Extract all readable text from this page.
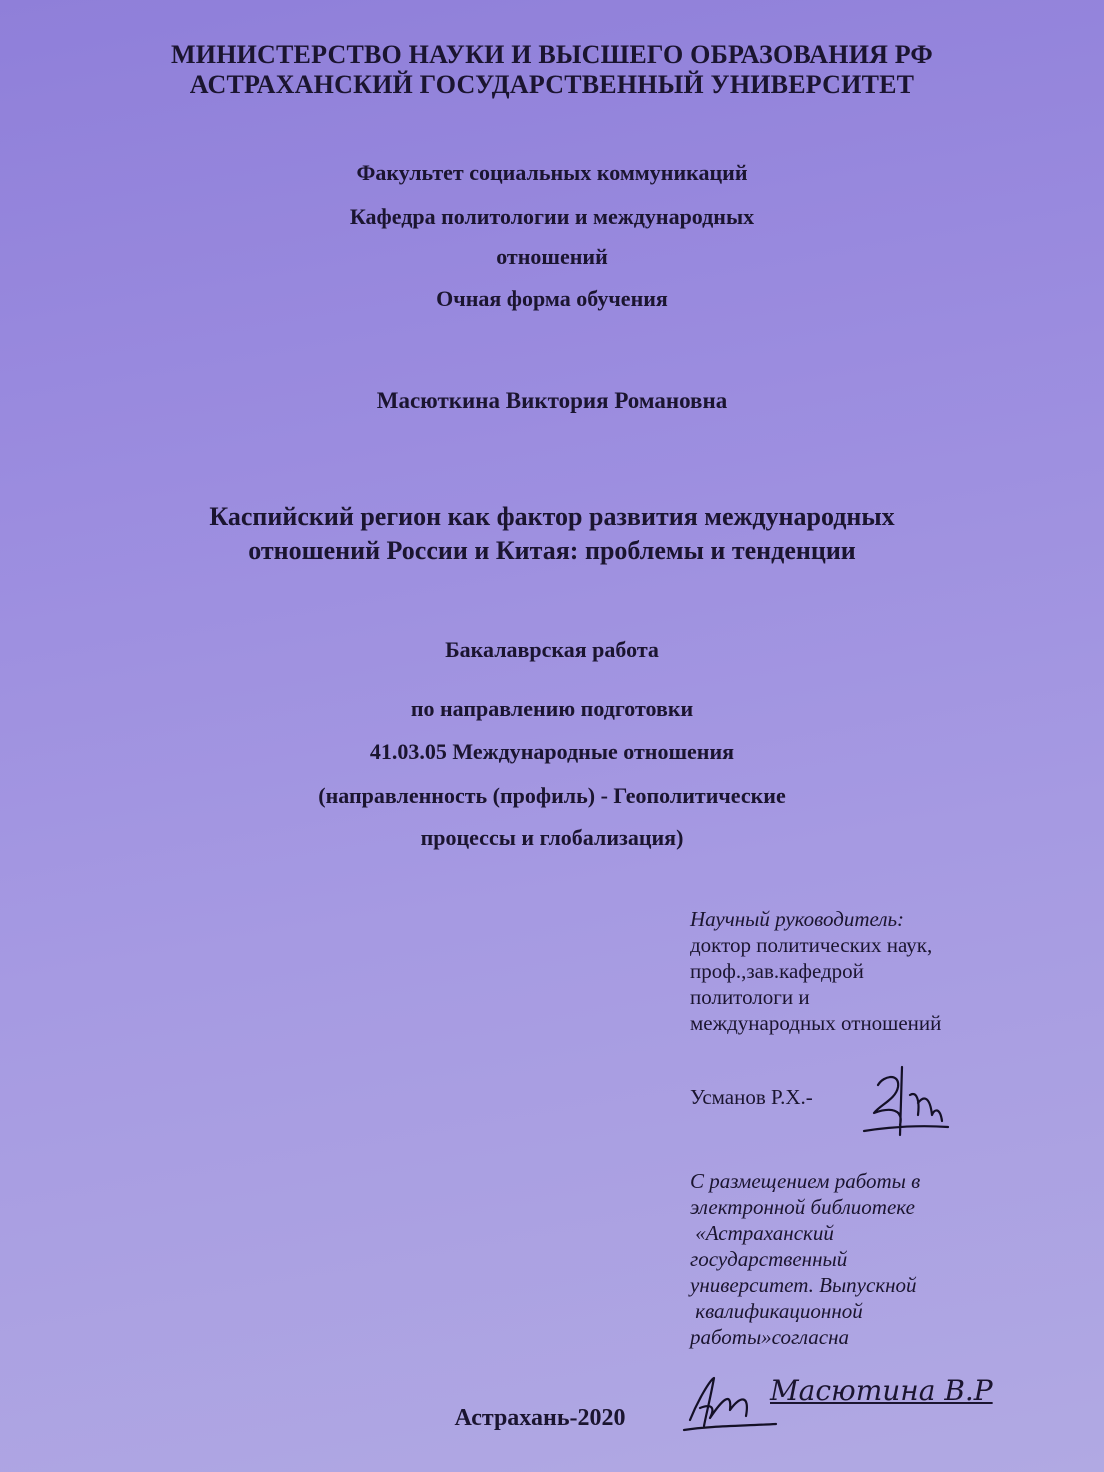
МИНИСТЕРСТВО НАУКИ И ВЫСШЕГО ОБРАЗОВАНИЯ РФ
АСТРАХАНСКИЙ ГОСУДАРСТВЕННЫЙ УНИВЕРСИТЕТ
Факультет социальных коммуникаций
Кафедра политологии и международных
отношений
Очная форма обучения
Масюткина Виктория Романовна
Каспийский регион как фактор развития международных
отношений России и Китая: проблемы и тенденции
Бакалаврская работа
по направлению подготовки
41.03.05 Международные отношения
(направленность (профиль) - Геополитические
процессы и глобализация)
Научный руководитель:
доктор политических наук,
проф.,зав.кафедрой
политологи и
международных отношений
Усманов Р.Х.-
С размещением работы в
электронной библиотеке
«Астраханский
государственный
университет. Выпускной
квалификационной
работы»согласна
Масютина В.Р
Астрахань-2020
